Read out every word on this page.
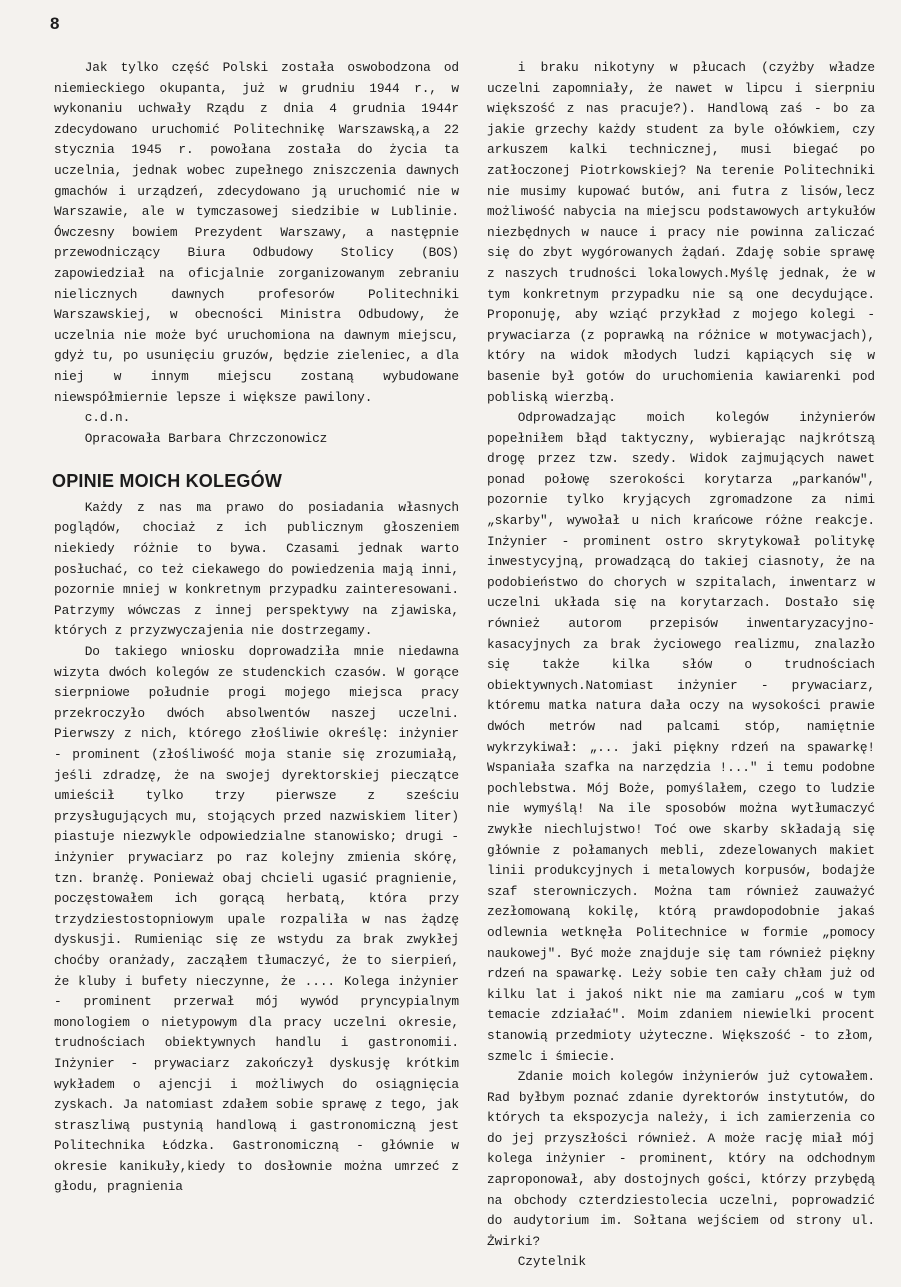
8

Jak tylko część Polski została oswobodzona od niemieckiego okupanta, już w grudniu 1944 r., w wykonaniu uchwały Rządu z dnia 4 grudnia 1944r zdecydowano uruchomić Politechnikę Warszawską,a 22 stycznia 1945 r. powołana została do życia ta uczelnia, jednak wobec zupełnego zniszczenia dawnych gmachów i urządzeń, zdecydowano ją uruchomić nie w Warszawie, ale w tymczasowej siedzibie w Lublinie. Ówczesny bowiem Prezydent Warszawy, a następnie przewodniczący Biura Odbudowy Stolicy (BOS) zapowiedział na oficjalnie zorganizowanym zebraniu nielicznych dawnych profesorów Politechniki Warszawskiej, w obecności Ministra Odbudowy, że uczelnia nie może być uruchomiona na dawnym miejscu, gdyż tu, po usunięciu gruzów, będzie zieleniec, a dla niej w innym miejscu zostaną wybudowane niewspółmiernie lepsze i większe pawilony.

c.d.n.

Opracowała Barbara Chrzczonowicz

OPINIE MOICH KOLEGÓW

Każdy z nas ma prawo do posiadania własnych poglądów, chociaż z ich publicznym głoszeniem niekiedy różnie to bywa. Czasami jednak warto posłuchać, co też ciekawego do powiedzenia mają inni, pozornie mniej w konkretnym przypadku zainteresowani. Patrzymy wówczas z innej perspektywy na zjawiska, których z przyzwyczajenia nie dostrzegamy.

Do takiego wniosku doprowadziła mnie niedawna wizyta dwóch kolegów ze studenckich czasów. W gorące sierpniowe południe progi mojego miejsca pracy przekroczyło dwóch absolwentów naszej uczelni. Pierwszy z nich, którego złośliwie określę: inżynier - prominent (złośliwość moja stanie się zrozumiałą, jeśli zdradzę, że na swojej dyrektorskiej pieczątce umieścił tylko trzy pierwsze z sześciu przysługujących mu, stojących przed nazwiskiem liter) piastuje niezwykle odpowiedzialne stanowisko; drugi - inżynier prywaciarz po raz kolejny zmienia skórę, tzn. branżę. Ponieważ obaj chcieli ugasić pragnienie, poczęstowałem ich gorącą herbatą, która przy trzydziestostopniowym upale rozpaliła w nas żądzę dyskusji. Rumieniąc się ze wstydu za brak zwykłej choćby oranżady, zacząłem tłumaczyć, że to sierpień, że kluby i bufety nieczynne, że .... Kolega inżynier - prominent przerwał mój wywód pryncypialnym monologiem o nietypowym dla pracy uczelni okresie, trudnościach obiektywnych handlu i gastronomii. Inżynier - prywaciarz zakończył dyskusję krótkim wykładem o ajencji i możliwych do osiągnięcia zyskach. Ja natomiast zdałem sobie sprawę z tego, jak straszliwą pustynią handlową i gastronomiczną jest Politechnika Łódzka. Gastronomiczną - głównie w okresie kanikuły,kiedy to dosłownie można umrzeć z głodu, pragnienia

i braku nikotyny w płucach (czyżby władze uczelni zapomniały, że nawet w lipcu i sierpniu większość z nas pracuje?). Handlową zaś - bo za jakie grzechy każdy student za byle ołówkiem, czy arkuszem kalki technicznej, musi biegać po zatłoczonej Piotrkowskiej? Na terenie Politechniki nie musimy kupować butów, ani futra z lisów,lecz możliwość nabycia na miejscu podstawowych artykułów niezbędnych w nauce i pracy nie powinna zaliczać się do zbyt wygórowanych żądań. Zdaję sobie sprawę z naszych trudności lokalowych.Myślę jednak, że w tym konkretnym przypadku nie są one decydujące. Proponuję, aby wziąć przykład z mojego kolegi - prywaciarza (z poprawką na różnice w motywacjach), który na widok młodych ludzi kąpiących się w basenie był gotów do uruchomienia kawiarenki pod pobliską wierzbą.

Odprowadzając moich kolegów inżynierów popełniłem błąd taktyczny, wybierając najkrótszą drogę przez tzw. szedy. Widok zajmujących nawet ponad połowę szerokości korytarza „parkanów", pozornie tylko kryjących zgromadzone za nimi „skarby", wywołał u nich krańcowe różne reakcje. Inżynier - prominent ostro skrytykował politykę inwestycyjną, prowadzącą do takiej ciasnoty, że na podobieństwo do chorych w szpitalach, inwentarz w uczelni układa się na korytarzach. Dostało się również autorom przepisów inwentaryzacyjno-kasacyjnych za brak życiowego realizmu, znalazło się także kilka słów o trudnościach obiektywnych.Natomiast inżynier - prywaciarz, któremu matka natura dała oczy na wysokości prawie dwóch metrów nad palcami stóp, namiętnie wykrzykiwał: „... jaki piękny rdzeń na spawarkę! Wspaniała szafka na narzędzia !..." i temu podobne pochlebstwa. Mój Boże, pomyślałem, czego to ludzie nie wymyślą! Na ile sposobów można wytłumaczyć zwykłe niechlujstwo! Toć owe skarby składają się głównie z połamanych mebli, zdezelowanych makiet linii produkcyjnych i metalowych korpusów, bodajże szaf sterowniczych. Można tam również zauważyć zezłomowaną kokilę, którą prawdopodobnie jakaś odlewnia wetknęła Politechnice w formie „pomocy naukowej". Być może znajduje się tam również piękny rdzeń na spawarkę. Leży sobie ten cały chłam już od kilku lat i jakoś nikt nie ma zamiaru „coś w tym temacie zdziałać". Moim zdaniem niewielki procent stanowią przedmioty użyteczne. Większość - to złom, szmelc i śmiecie.

Zdanie moich kolegów inżynierów już cytowałem. Rad byłbym poznać zdanie dyrektorów instytutów, do których ta ekspozycja należy, i ich zamierzenia co do jej przyszłości również. A może rację miał mój kolega inżynier - prominent, który na odchodnym zaproponował, aby dostojnych gości, którzy przybędą na obchody czterdziestolecia uczelni, poprowadzić do audytorium im. Sołtana wejściem od strony ul. Żwirki?

Czytelnik
